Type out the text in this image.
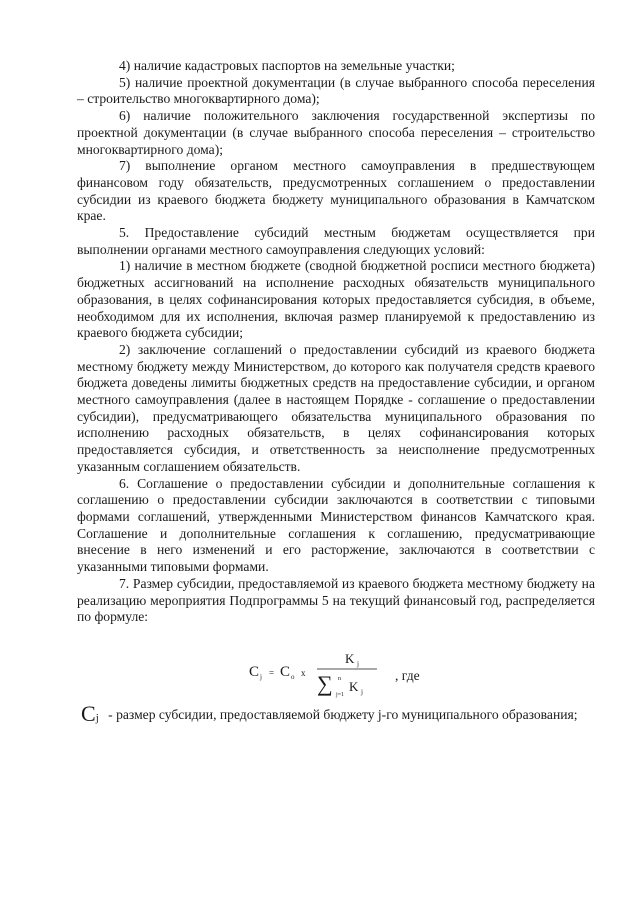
4) наличие кадастровых паспортов на земельные участки;

5) наличие проектной документации (в случае выбранного способа переселения – строительство многоквартирного дома);

6) наличие положительного заключения государственной экспертизы по проектной документации (в случае выбранного способа переселения – строительство многоквартирного дома);

7) выполнение органом местного самоуправления в предшествующем финансовом году обязательств, предусмотренных соглашением о предоставлении субсидии из краевого бюджета бюджету муниципального образования в Камчатском крае.

5. Предоставление субсидий местным бюджетам осуществляется при выполнении органами местного самоуправления следующих условий:

1) наличие в местном бюджете (сводной бюджетной росписи местного бюджета) бюджетных ассигнований на исполнение расходных обязательств муниципального образования, в целях софинансирования которых предоставляется субсидия, в объеме, необходимом для их исполнения, включая размер планируемой к предоставлению из краевого бюджета субсидии;

2) заключение соглашений о предоставлении субсидий из краевого бюджета местному бюджету между Министерством, до которого как получателя средств краевого бюджета доведены лимиты бюджетных средств на предоставление субсидии, и органом местного самоуправления (далее в настоящем Порядке - соглашение о предоставлении субсидии), предусматривающего обязательства муниципального образования по исполнению расходных обязательств, в целях софинансирования которых предоставляется субсидия, и ответственность за неисполнение предусмотренных указанным соглашением обязательств.

6. Соглашение о предоставлении субсидии и дополнительные соглашения к соглашению о предоставлении субсидии заключаются в соответствии с типовыми формами соглашений, утвержденными Министерством финансов Камчатского края. Соглашение и дополнительные соглашения к соглашению, предусматривающие внесение в него изменений и его расторжение, заключаются в соответствии с указанными типовыми формами.

7. Размер субсидии, предоставляемой из краевого бюджета местному бюджету на реализацию мероприятия Подпрограммы 5 на текущий финансовый год, распределяется по формуле:

C j = C o x
K j
∑ n
j=1
K j
, где

$C_j$ - размер субсидии, предоставляемой бюджету j-го муниципального образования;
